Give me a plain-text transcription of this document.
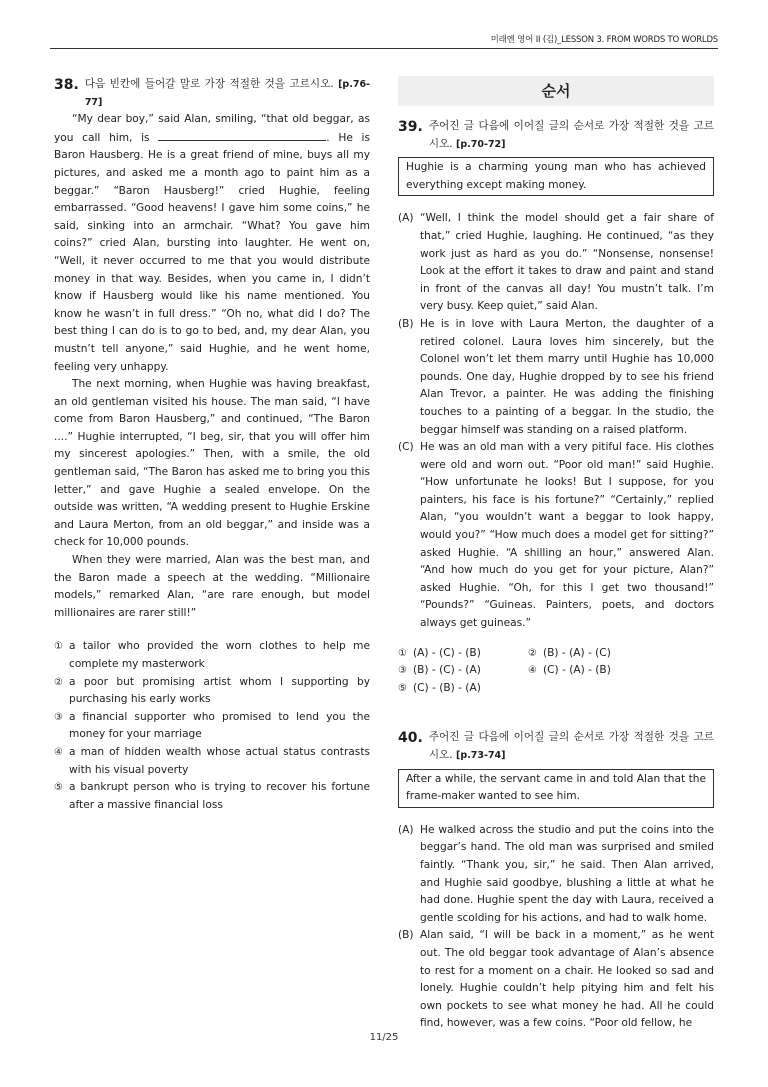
미래엔 영어 II (김)_LESSON 3. FROM WORDS TO WORLDS
38. 다음 빈칸에 들어갈 말로 가장 적절한 것을 고르시오. [p.76-77]

“My dear boy,” said Alan, smiling, “that old beggar, as you call him, is	. He is Baron Hausberg. He is a great friend of mine, buys all my pictures, and asked me a month ago to paint him as a beggar.” “Baron Hausberg!” cried Hughie, feeling embarrassed. “Good heavens! I gave him some coins,” he said, sinking into an armchair. “What? You gave him coins?” cried Alan, bursting into laughter. He went on, “Well, it never occurred to me that you would distribute money in that way. Besides, when you came in, I didn’t know if Hausberg would like his name mentioned. You know he wasn’t in full dress.” “Oh no, what did I do? The best thing I can do is to go to bed, and, my dear Alan, you mustn’t tell anyone,” said Hughie, and he went home, feeling very unhappy.

The next morning, when Hughie was having breakfast, an old gentleman visited his house. The man said, “I have come from Baron Hausberg,” and continued, “The Baron ....” Hughie interrupted, “I beg, sir, that you will offer him my sincerest apologies.” Then, with a smile, the old gentleman said, “The Baron has asked me to bring you this letter,” and gave Hughie a sealed envelope. On the outside was written, “A wedding present to Hughie Erskine and Laura Merton, from an old beggar,” and inside was a check for 10,000 pounds.

When they were married, Alan was the best man, and the Baron made a speech at the wedding. “Millionaire models,” remarked Alan, “are rare enough, but model millionaires are rarer still!”

① a tailor who provided the worn clothes to help me complete my masterwork
② a poor but promising artist whom I supporting by purchasing his early works
③ a financial supporter who promised to lend you the money for your marriage
④ a man of hidden wealth whose actual status contrasts with his visual poverty
⑤ a bankrupt person who is trying to recover his fortune after a massive financial loss
순서
39. 주어진 글 다음에 이어질 글의 순서로 가장 적절한 것을 고르시오. [p.70-72]
Hughie is a charming young man who has achieved everything except making money.
(A) “Well, I think the model should get a fair share of that,” cried Hughie, laughing. He continued, “as they work just as hard as you do.” “Nonsense, nonsense! Look at the effort it takes to draw and paint and stand in front of the canvas all day! You mustn’t talk. I’m very busy. Keep quiet,” said Alan.
(B) He is in love with Laura Merton, the daughter of a retired colonel. Laura loves him sincerely, but the Colonel won’t let them marry until Hughie has 10,000 pounds. One day, Hughie dropped by to see his friend Alan Trevor, a painter. He was adding the finishing touches to a painting of a beggar. In the studio, the beggar himself was standing on a raised platform.
(C) He was an old man with a very pitiful face. His clothes were old and worn out. “Poor old man!” said Hughie. “How unfortunate he looks! But I suppose, for you painters, his face is his fortune?” “Certainly,” replied Alan, “you wouldn’t want a beggar to look happy, would you?” “How much does a model get for sitting?” asked Hughie. “A shilling an hour,” answered Alan. “And how much do you get for your picture, Alan?” asked Hughie. “Oh, for this I get two thousand!” “Pounds?” “Guineas. Painters, poets, and doctors always get guineas.”
① (A) - (C) - (B)	② (B) - (A) - (C)
③ (B) - (C) - (A)	④ (C) - (A) - (B)
⑤ (C) - (B) - (A)
40. 주어진 글 다음에 이어질 글의 순서로 가장 적절한 것을 고르시오. [p.73-74]
After a while, the servant came in and told Alan that the frame-maker wanted to see him.
(A) He walked across the studio and put the coins into the beggar’s hand. The old man was surprised and smiled faintly. “Thank you, sir,” he said. Then Alan arrived, and Hughie said goodbye, blushing a little at what he had done. Hughie spent the day with Laura, received a gentle scolding for his actions, and had to walk home.
(B) Alan said, “I will be back in a moment,” as he went out. The old beggar took advantage of Alan’s absence to rest for a moment on a chair. He looked so sad and lonely. Hughie couldn’t help pitying him and felt his own pockets to see what money he had. All he could find, however, was a few coins. “Poor old fellow, he
11/25
